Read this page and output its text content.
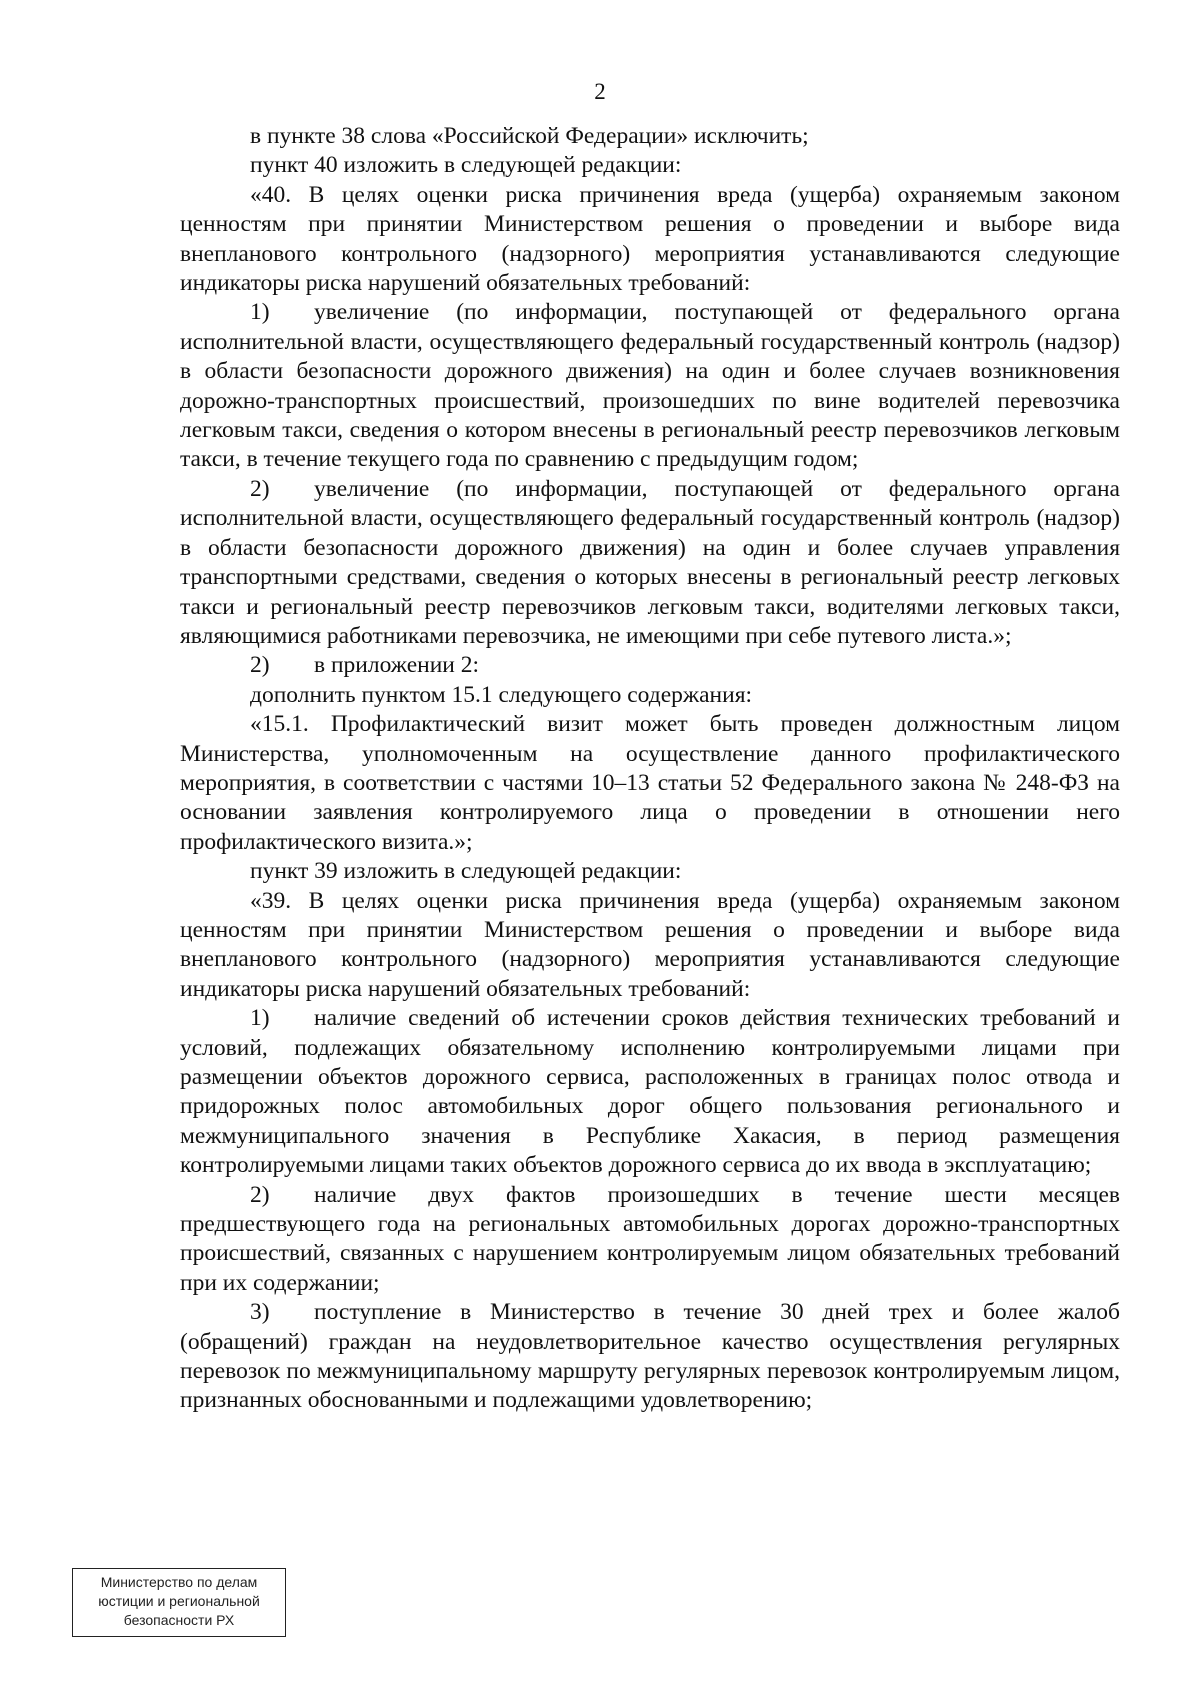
2

в пункте 38 слова «Российской Федерации» исключить;

пункт 40 изложить в следующей редакции:

«40. В целях оценки риска причинения вреда (ущерба) охраняемым законом ценностям при принятии Министерством решения о проведении и выборе вида внепланового контрольного (надзорного) мероприятия устанавливаются следующие индикаторы риска нарушений обязательных требований:

1) увеличение (по информации, поступающей от федерального органа исполнительной власти, осуществляющего федеральный государственный контроль (надзор) в области безопасности дорожного движения) на один и более случаев возникновения дорожно-транспортных происшествий, произошедших по вине водителей перевозчика легковым такси, сведения о котором внесены в региональный реестр перевозчиков легковым такси, в течение текущего года по сравнению с предыдущим годом;

2) увеличение (по информации, поступающей от федерального органа исполнительной власти, осуществляющего федеральный государственный контроль (надзор) в области безопасности дорожного движения) на один и более случаев управления транспортными средствами, сведения о которых внесены в региональный реестр легковых такси и региональный реестр перевозчиков легковым такси, водителями легковых такси, являющимися работниками перевозчика, не имеющими при себе путевого листа.»;

2) в приложении 2:

дополнить пунктом 15.1 следующего содержания:

«15.1. Профилактический визит может быть проведен должностным лицом Министерства, уполномоченным на осуществление данного профилактического мероприятия, в соответствии с частями 10–13 статьи 52 Федерального закона № 248-ФЗ на основании заявления контролируемого лица о проведении в отношении него профилактического визита.»;

пункт 39 изложить в следующей редакции:

«39. В целях оценки риска причинения вреда (ущерба) охраняемым законом ценностям при принятии Министерством решения о проведении и выборе вида внепланового контрольного (надзорного) мероприятия устанавливаются следующие индикаторы риска нарушений обязательных требований:

1) наличие сведений об истечении сроков действия технических требований и условий, подлежащих обязательному исполнению контролируемыми лицами при размещении объектов дорожного сервиса, расположенных в границах полос отвода и придорожных полос автомобильных дорог общего пользования регионального и межмуниципального значения в Республике Хакасия, в период размещения контролируемыми лицами таких объектов дорожного сервиса до их ввода в эксплуатацию;

2) наличие двух фактов произошедших в течение шести месяцев предшествующего года на региональных автомобильных дорогах дорожно-транспортных происшествий, связанных с нарушением контролируемым лицом обязательных требований при их содержании;

3) поступление в Министерство в течение 30 дней трех и более жалоб (обращений) граждан на неудовлетворительное качество осуществления регулярных перевозок по межмуниципальному маршруту регулярных перевозок контролируемым лицом, признанных обоснованными и подлежащими удовлетворению;

Министерство по делам
юстиции и региональной
безопасности РХ
